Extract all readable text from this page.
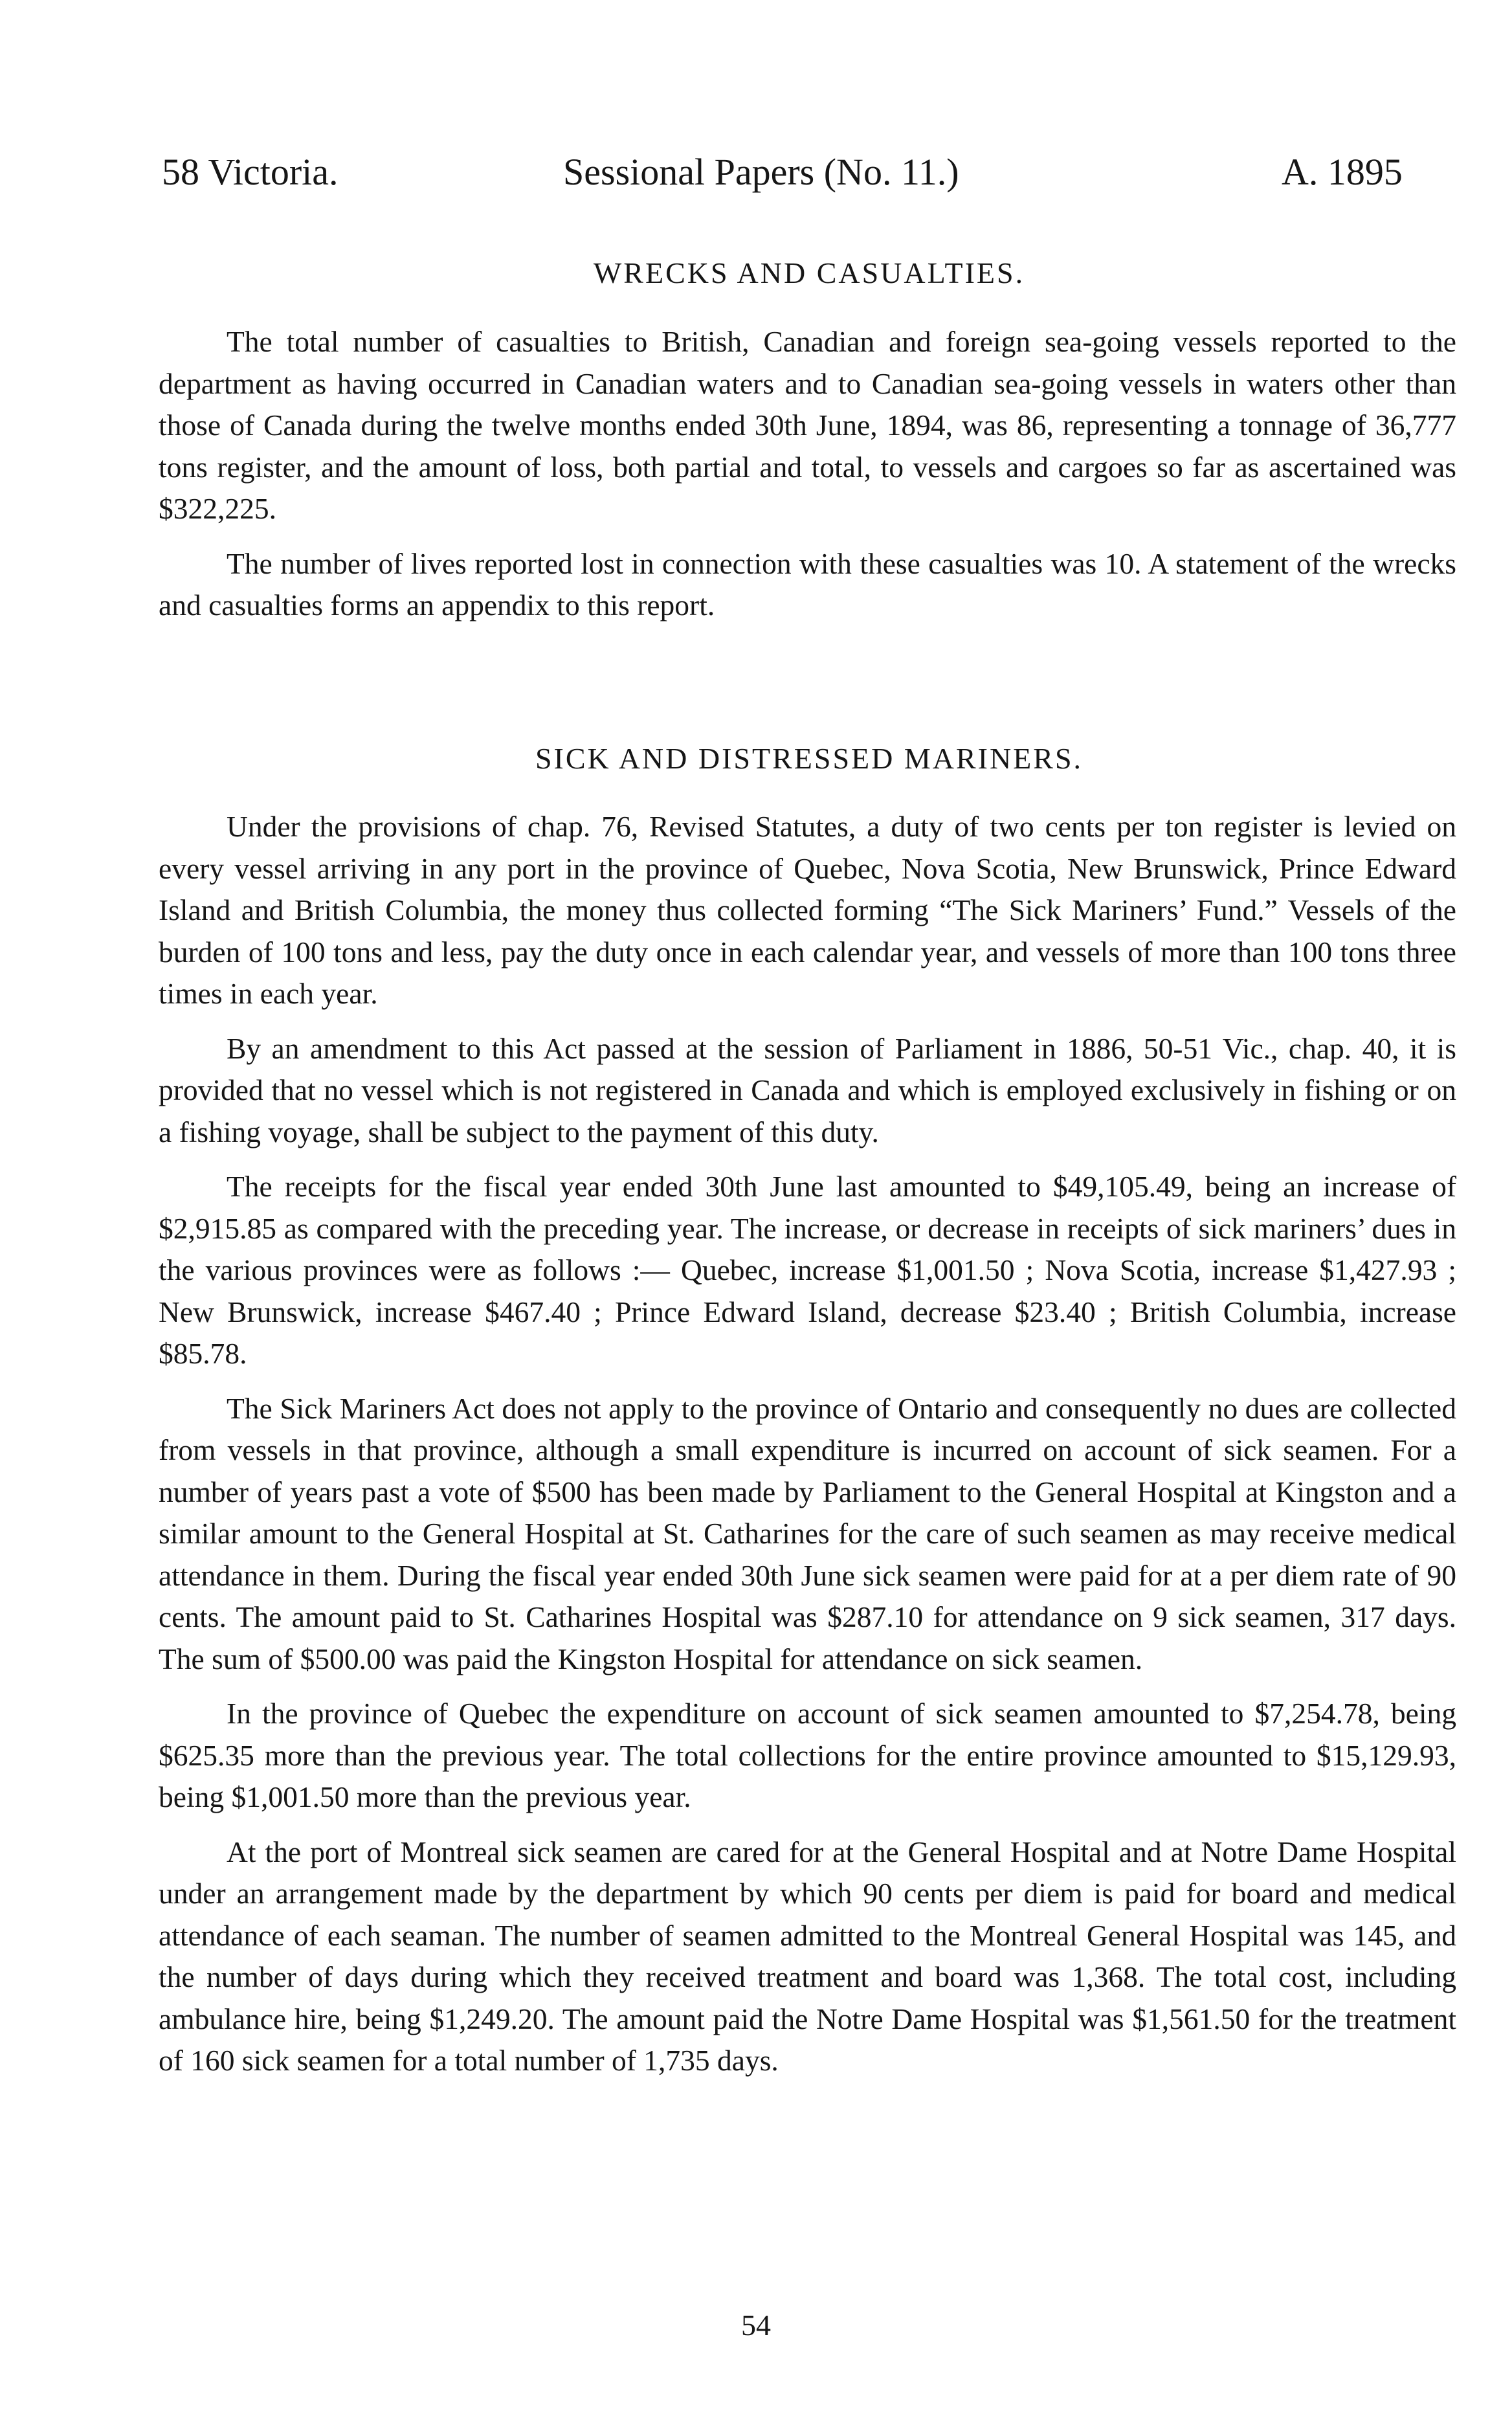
58 Victoria.	Sessional Papers (No. 11.)	A. 1895
WRECKS AND CASUALTIES.

The total number of casualties to British, Canadian and foreign sea-going vessels reported to the department as having occurred in Canadian waters and to Canadian sea-going vessels in waters other than those of Canada during the twelve months ended 30th June, 1894, was 86, representing a tonnage of 36,777 tons register, and the amount of loss, both partial and total, to vessels and cargoes so far as ascertained was $322,225.

The number of lives reported lost in connection with these casualties was 10. A statement of the wrecks and casualties forms an appendix to this report.

SICK AND DISTRESSED MARINERS.

Under the provisions of chap. 76, Revised Statutes, a duty of two cents per ton register is levied on every vessel arriving in any port in the province of Quebec, Nova Scotia, New Brunswick, Prince Edward Island and British Columbia, the money thus collected forming “The Sick Mariners’ Fund.” Vessels of the burden of 100 tons and less, pay the duty once in each calendar year, and vessels of more than 100 tons three times in each year.

By an amendment to this Act passed at the session of Parliament in 1886, 50-51 Vic., chap. 40, it is provided that no vessel which is not registered in Canada and which is employed exclusively in fishing or on a fishing voyage, shall be subject to the payment of this duty.

The receipts for the fiscal year ended 30th June last amounted to $49,105.49, being an increase of $2,915.85 as compared with the preceding year. The increase, or decrease in receipts of sick mariners’ dues in the various provinces were as follows :— Quebec, increase $1,001.50 ; Nova Scotia, increase $1,427.93 ; New Brunswick, increase $467.40 ; Prince Edward Island, decrease $23.40 ; British Columbia, increase $85.78.

The Sick Mariners Act does not apply to the province of Ontario and consequently no dues are collected from vessels in that province, although a small expenditure is incurred on account of sick seamen. For a number of years past a vote of $500 has been made by Parliament to the General Hospital at Kingston and a similar amount to the General Hospital at St. Catharines for the care of such seamen as may receive medical attendance in them. During the fiscal year ended 30th June sick seamen were paid for at a per diem rate of 90 cents. The amount paid to St. Catharines Hospital was $287.10 for attendance on 9 sick seamen, 317 days. The sum of $500.00 was paid the Kingston Hospital for attendance on sick seamen.

In the province of Quebec the expenditure on account of sick seamen amounted to $7,254.78, being $625.35 more than the previous year. The total collections for the entire province amounted to $15,129.93, being $1,001.50 more than the previous year.

At the port of Montreal sick seamen are cared for at the General Hospital and at Notre Dame Hospital under an arrangement made by the department by which 90 cents per diem is paid for board and medical attendance of each seaman. The number of seamen admitted to the Montreal General Hospital was 145, and the number of days during which they received treatment and board was 1,368. The total cost, including ambulance hire, being $1,249.20. The amount paid the Notre Dame Hospital was $1,561.50 for the treatment of 160 sick seamen for a total number of 1,735 days.

54
